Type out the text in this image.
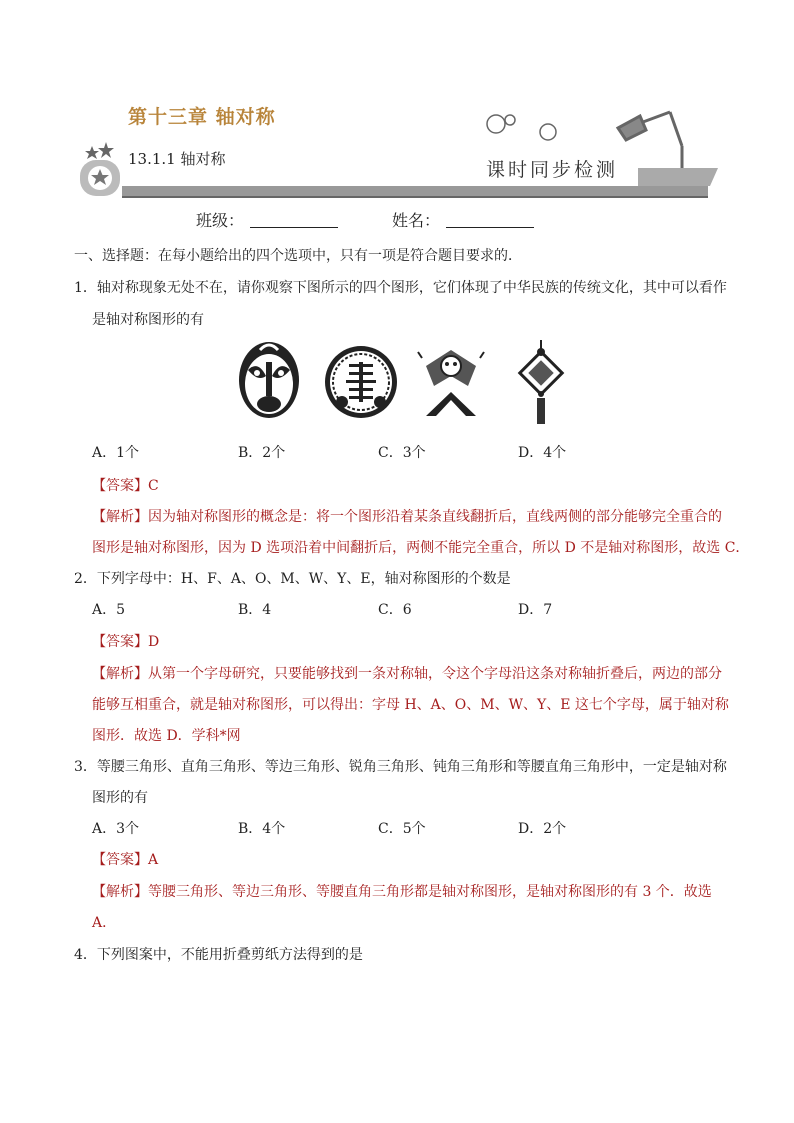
第十三章 轴对称
13.1.1 轴对称	课时同步检测
班级：	姓名：
一、选择题：在每小题给出的四个选项中，只有一项是符合题目要求的．
1．轴对称现象无处不在，请你观察下图所示的四个图形，它们体现了中华民族的传统文化，其中可以看作
是轴对称图形的有
A．1个	B．2个	C．3个	D．4个
【答案】C
【解析】因为轴对称图形的概念是：将一个图形沿着某条直线翻折后，直线两侧的部分能够完全重合的
图形是轴对称图形，因为 D 选项沿着中间翻折后，两侧不能完全重合，所以 D 不是轴对称图形，故选 C．
2．下列字母中：H、F、A、O、M、W、Y、E，轴对称图形的个数是
A．5	B．4	C．6	D．7
【答案】D
【解析】从第一个字母研究，只要能够找到一条对称轴，令这个字母沿这条对称轴折叠后，两边的部分
能够互相重合，就是轴对称图形，可以得出：字母 H、A、O、M、W、Y、E 这七个字母，属于轴对称
图形．故选 D．学科*网
3．等腰三角形、直角三角形、等边三角形、锐角三角形、钝角三角形和等腰直角三角形中，一定是轴对称
图形的有
A．3个	B．4个	C．5个	D．2个
【答案】A
【解析】等腰三角形、等边三角形、等腰直角三角形都是轴对称图形，是轴对称图形的有 3 个．故选
A．
4．下列图案中，不能用折叠剪纸方法得到的是
